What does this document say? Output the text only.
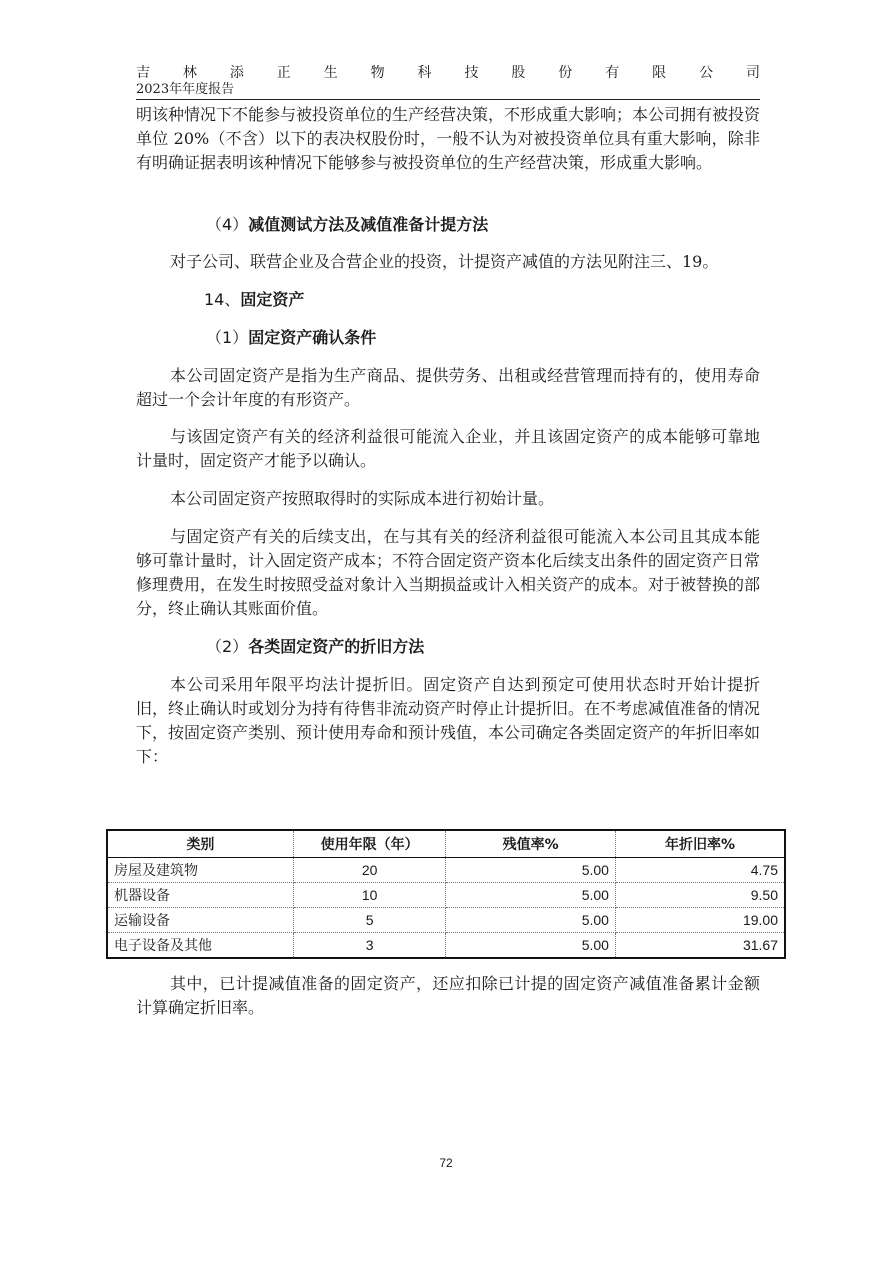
吉 林 添 正 生 物 科 技 股 份 有 限 公 司
2023年年度报告

明该种情况下不能参与被投资单位的生产经营决策，不形成重大影响；本公司拥有被投资单位 20%（不含）以下的表决权股份时，一般不认为对被投资单位具有重大影响，除非有明确证据表明该种情况下能够参与被投资单位的生产经营决策，形成重大影响。

（4）减值测试方法及减值准备计提方法

对子公司、联营企业及合营企业的投资，计提资产减值的方法见附注三、19。

14、固定资产

（1）固定资产确认条件

本公司固定资产是指为生产商品、提供劳务、出租或经营管理而持有的，使用寿命超过一个会计年度的有形资产。

与该固定资产有关的经济利益很可能流入企业，并且该固定资产的成本能够可靠地计量时，固定资产才能予以确认。

本公司固定资产按照取得时的实际成本进行初始计量。

与固定资产有关的后续支出，在与其有关的经济利益很可能流入本公司且其成本能够可靠计量时，计入固定资产成本；不符合固定资产资本化后续支出条件的固定资产日常修理费用，在发生时按照受益对象计入当期损益或计入相关资产的成本。对于被替换的部分，终止确认其账面价值。

（2）各类固定资产的折旧方法

本公司采用年限平均法计提折旧。固定资产自达到预定可使用状态时开始计提折旧，终止确认时或划分为持有待售非流动资产时停止计提折旧。在不考虑减值准备的情况下，按固定资产类别、预计使用寿命和预计残值，本公司确定各类固定资产的年折旧率如下：

类别	使用年限（年）	残值率%	年折旧率%
房屋及建筑物	20	5.00	4.75
机器设备	10	5.00	9.50
运输设备	5	5.00	19.00
电子设备及其他	3	5.00	31.67

其中，已计提减值准备的固定资产，还应扣除已计提的固定资产减值准备累计金额计算确定折旧率。

72
